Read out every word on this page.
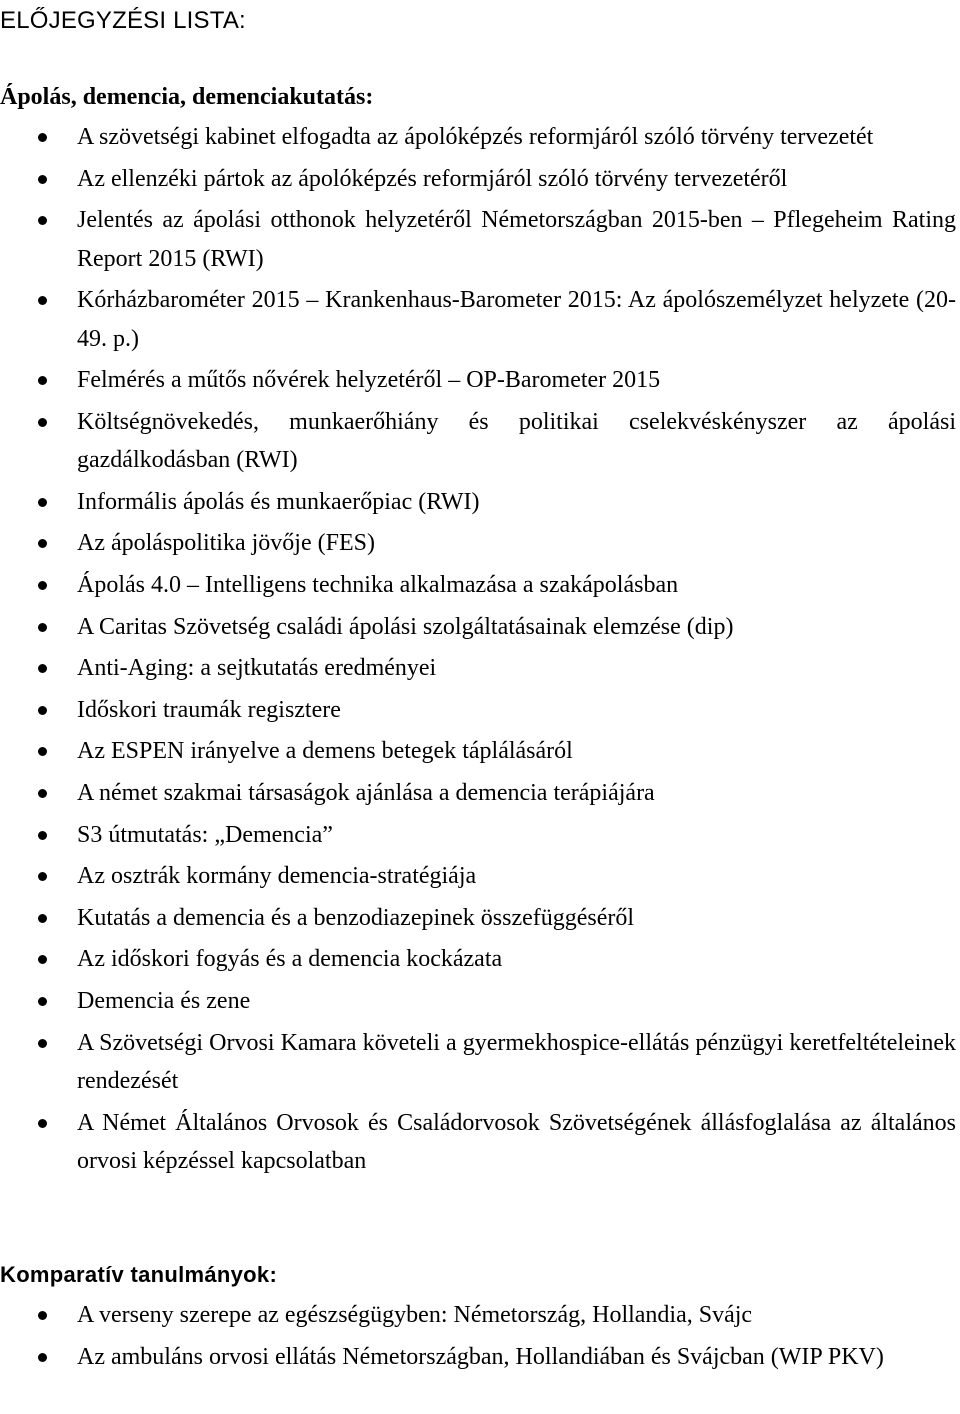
ELŐJEGYZÉSI LISTA:
Ápolás, demencia, demenciakutatás:
A szövetségi kabinet elfogadta az ápolóképzés reformjáról szóló törvény tervezetét
Az ellenzéki pártok az ápolóképzés reformjáról szóló törvény tervezetéről
Jelentés az ápolási otthonok helyzetéről Németországban 2015-ben – Pflegeheim Rating Report 2015 (RWI)
Kórházbarométer 2015 – Krankenhaus-Barometer 2015: Az ápolószemélyzet helyzete (20-49. p.)
Felmérés a műtős nővérek helyzetéről – OP-Barometer 2015
Költségnövekedés, munkaerőhiány és politikai cselekvéskényszer az ápolási gazdálkodásban (RWI)
Informális ápolás és munkaerőpiac (RWI)
Az ápoláspolitika jövője (FES)
Ápolás 4.0 – Intelligens technika alkalmazása a szakápolásban
A Caritas Szövetség családi ápolási szolgáltatásainak elemzése (dip)
Anti-Aging: a sejtkutatás eredményei
Időskori traumák regisztere
Az ESPEN irányelve a demens betegek táplálásáról
A német szakmai társaságok ajánlása a demencia terápiájára
S3 útmutatás: „Demencia”
Az osztrák kormány demencia-stratégiája
Kutatás a demencia és a benzodiazepinek összefüggéséről
Az időskori fogyás és a demencia kockázata
Demencia és zene
A Szövetségi Orvosi Kamara követeli a gyermekhospice-ellátás pénzügyi keretfeltételeinek rendezését
A Német Általános Orvosok és Családorvosok Szövetségének állásfoglalása az általános orvosi képzéssel kapcsolatban
Komparatív tanulmányok:
A verseny szerepe az egészségügyben: Németország, Hollandia, Svájc
Az ambuláns orvosi ellátás Németországban, Hollandiában és Svájcban (WIP PKV)
